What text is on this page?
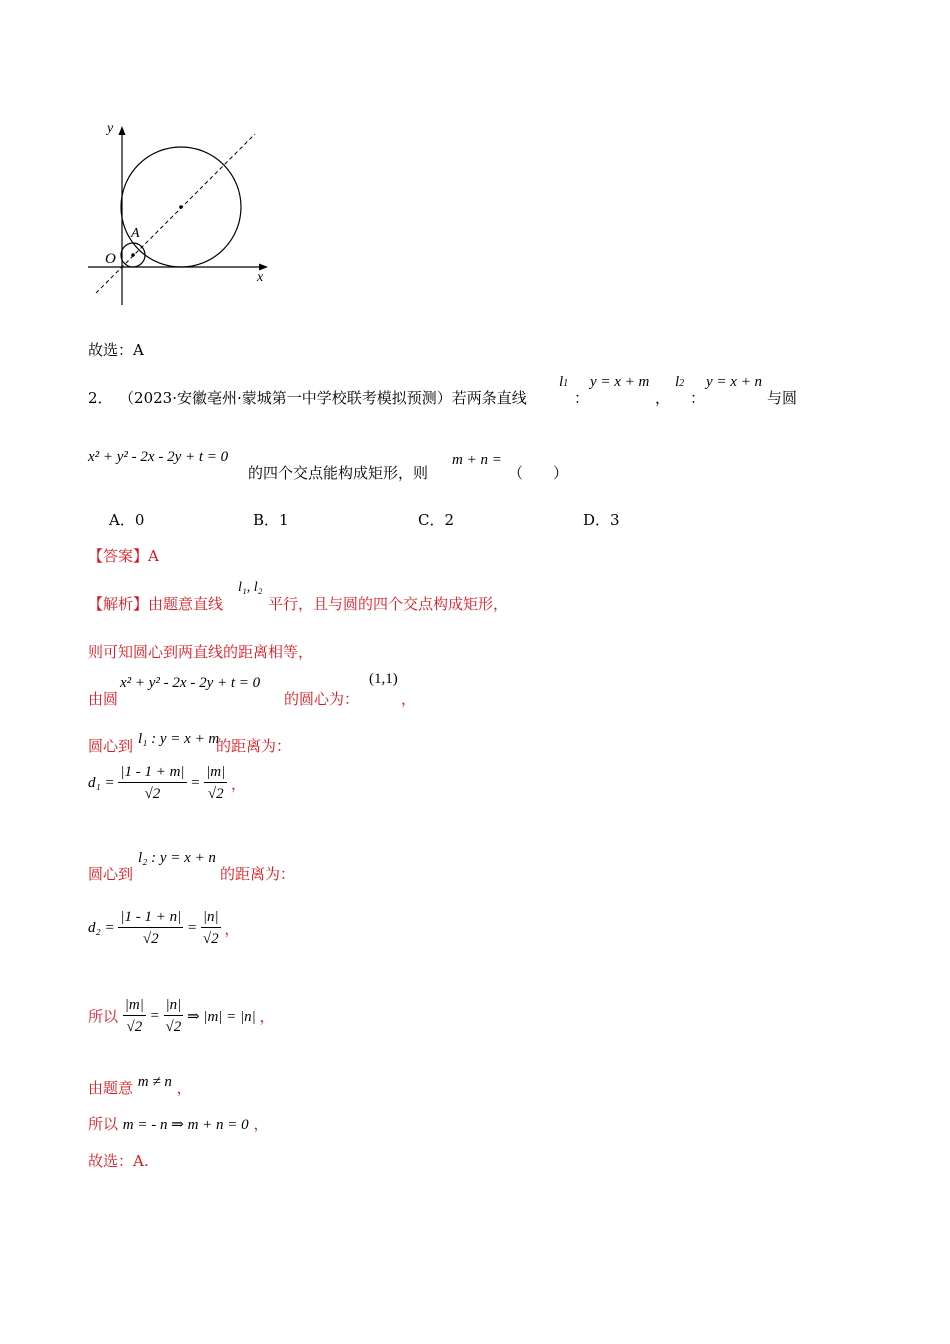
y
x
O
A
故选：A
2． （2023·安徽亳州·蒙城第一中学校联考模拟预测）若两条直线
l1
：
y = x + m
，
l2
：
y = x + n
与圆
x² + y² - 2x - 2y + t = 0
的四个交点能构成矩形，则
m + n =
（　　）
A．0	B．1	C．2	D．3
【答案】A
【解析】由题意直线
l₁, l₂
平行，且与圆的四个交点构成矩形，
则可知圆心到两直线的距离相等，
由圆
x² + y² - 2x - 2y + t = 0
的圆心为：
(1,1)
，
圆心到 l₁ : y = x + m
的距离为：
$d_1 = \frac{|1 - 1 + m|}{√2} = \frac{|m|}{√2}$ ，
圆心到
l₂ : y = x + n
的距离为：
$d_2 = \frac{|1 - 1 + n|}{√2} = \frac{|n|}{√2}$ ，
所以 $\frac{|m|}{√2} = \frac{|n|}{√2}$ ⇒ |m| = |n| ，
由题意 m ≠ n ，
所以 m = - n ⇒ m + n = 0 ，
故选：A.
